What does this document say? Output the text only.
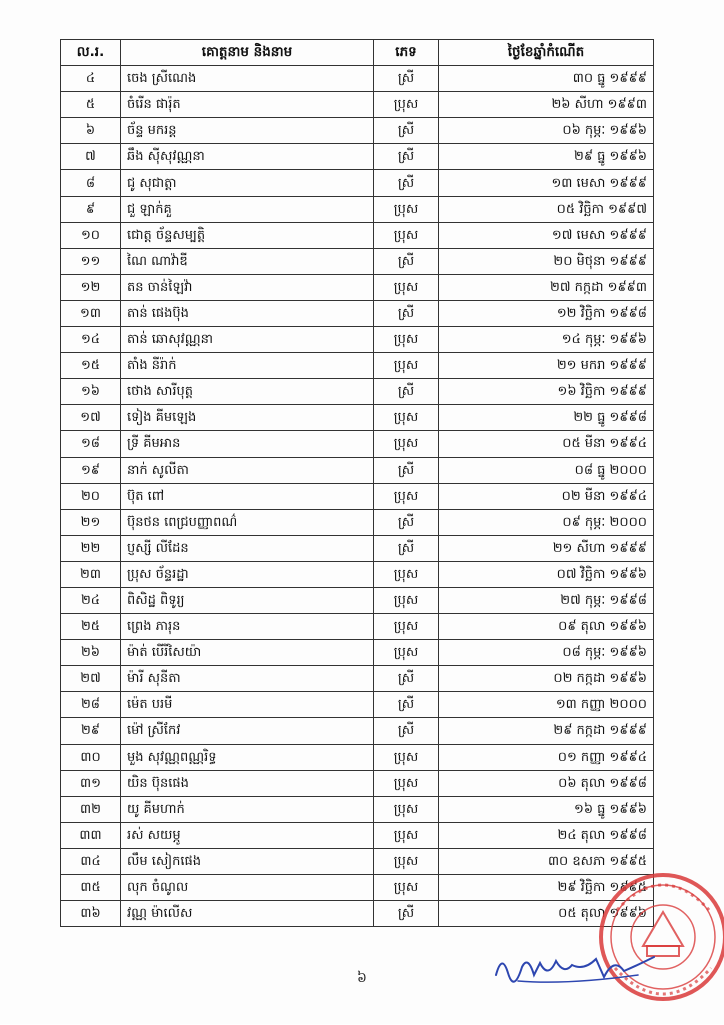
ល.រ.	គោត្តនាម និងនាម	ភេទ	ថ្ងៃខែឆ្នាំកំណើត
៤	ចេង ស្រីណេង	ស្រី	៣០ ធ្នូ ១៩៩៩
៥	ចំរើន ផារ៉ុត	ប្រុស	២៦ សីហា ១៩៩៣
៦	ច័ន្ទ មករន្ត	ស្រី	០៦ កុម្ភៈ ១៩៩៦
៧	ឆឹង ស៊ីសុវណ្ណនា	ស្រី	២៩ ធ្នូ ១៩៩៦
៨	ជូ សុជាត្តា	ស្រី	១៣ មេសា ១៩៩៩
៩	ជួ ឡាក់គួ	ប្រុស	០៥ វិច្ឆិកា ១៩៩៧
១០	ជោត្ត ច័ន្ទសម្បត្តិ	ប្រុស	១៧ មេសា ១៩៩៩
១១	ណៃ ណាវ៉ាឌី	ស្រី	២០ មិថុនា ១៩៩៩
១២	តន ចាន់ឡៃវ៉ា	ប្រុស	២៧ កក្កដា ១៩៩៣
១៣	តាន់ ផេងប៊ុង	ស្រី	១២ វិច្ឆិកា ១៩៩៨
១៤	តាន់ ឆោសុវណ្ណនា	ប្រុស	១៤ កុម្ភៈ ១៩៩៦
១៥	តាំង នីរ៉ាក់	ប្រុស	២១ មករា ១៩៩៩
១៦	ថោង សារីបុត្ត	ស្រី	១៦ វិច្ឆិកា ១៩៩៩
១៧	ទៀង គីមឡេង	ប្រុស	២២ ធ្នូ ១៩៩៨
១៨	ទ្រី គីមអាន	ប្រុស	០៥ មីនា ១៩៩៤
១៩	នាក់ សូលីតា	ស្រី	០៨ ធ្នូ ២០០០
២០	ប៊ុត ពៅ	ប្រុស	០២ មីនា ១៩៩៤
២១	ប៊ុនថន ពេជ្របញ្ញាពណ៌	ស្រី	០៩ កុម្ភៈ ២០០០
២២	ប្ញស្សី លីដែន	ស្រី	២១ សីហា ១៩៩៩
២៣	ប្រុស ច័ន្ទរដ្ឋា	ប្រុស	០៧ វិច្ឆិកា ១៩៩៦
២៤	ពិសិដ្ឋ ពិទូរ្យ	ប្រុស	២៧ កុម្ភៈ ១៩៩៨
២៥	ព្រេង ភារុន	ប្រុស	០៩ តុលា ១៩៩៦
២៦	ម៉ាត់ បើរីសៃយ៉ា	ប្រុស	០៨ កុម្ភៈ ១៩៩៦
២៧	ម៉ារី សុនីតា	ស្រី	០២ កក្កដា ១៩៩៦
២៨	ម៉េត បរមី	ស្រី	១៣ កញ្ញា ២០០០
២៩	ម៉ៅ ស្រីកែវ	ស្រី	២៩ កក្កដា ១៩៩៩
៣០	មួង សុវណ្ណពណ្ណរិទ្ធ	ប្រុស	០១ កញ្ញា ១៩៩៤
៣១	យិន ប៊ុនផេង	ប្រុស	០៦ តុលា ១៩៩៨
៣២	យូ គីមហាក់	ប្រុស	១៦ ធ្នូ ១៩៩៦
៣៣	រស់ សយម្ភូ	ប្រុស	២៤ តុលា ១៩៩៨
៣៤	លឹម សៀកផេង	ប្រុស	៣០ ឧសភា ១៩៩៥
៣៥	លុក ចំណូល	ប្រុស	២៩ វិច្ឆិកា ១៩៩៥
៣៦	វណ្ណ ម៉ាលើស	ស្រី	០៥ តុលា ១៩៩៦
៦
